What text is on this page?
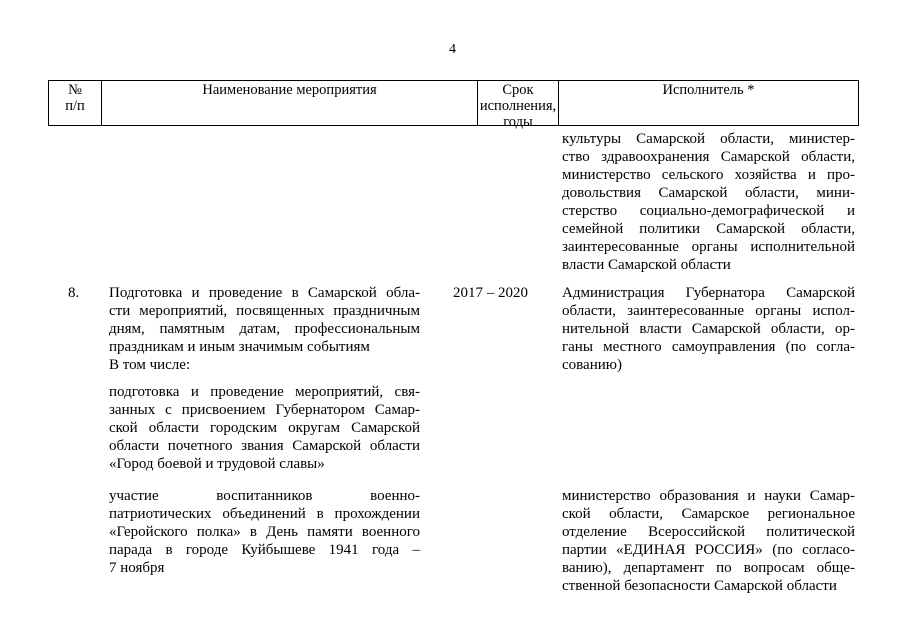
4
№
п/п
Наименование мероприятия	Срок
исполнения,
годы
Исполнитель *
культуры Самарской области, министер-
ство здравоохранения Самарской области,
министерство сельского хозяйства и про-
довольствия Самарской области, мини-
стерство социально-демографической и
семейной политики Самарской области,
заинтересованные органы исполнительной
власти Самарской области
8. Подготовка и проведение в Самарской обла-
сти мероприятий, посвященных праздничным
дням, памятным датам, профессиональным
праздникам и иным значимым событиям
В том числе:
2017 – 2020 Администрация Губернатора Самарской
области, заинтересованные органы испол-
нительной власти Самарской области, ор-
ганы местного самоуправления (по согла-
сованию)
подготовка и проведение мероприятий, свя-
занных с присвоением Губернатором Самар-
ской области городским округам Самарской
области почетного звания Самарской области
«Город боевой и трудовой славы»
участие воспитанников военно-
патриотических объединений в прохождении
«Геройского полка» в День памяти военного
парада в городе Куйбышеве 1941 года –
7 ноября
министерство образования и науки Самар-
ской области, Самарское региональное
отделение Всероссийской политической
партии «ЕДИНАЯ РОССИЯ» (по согласо-
ванию), департамент по вопросам обще-
ственной безопасности Самарской области
